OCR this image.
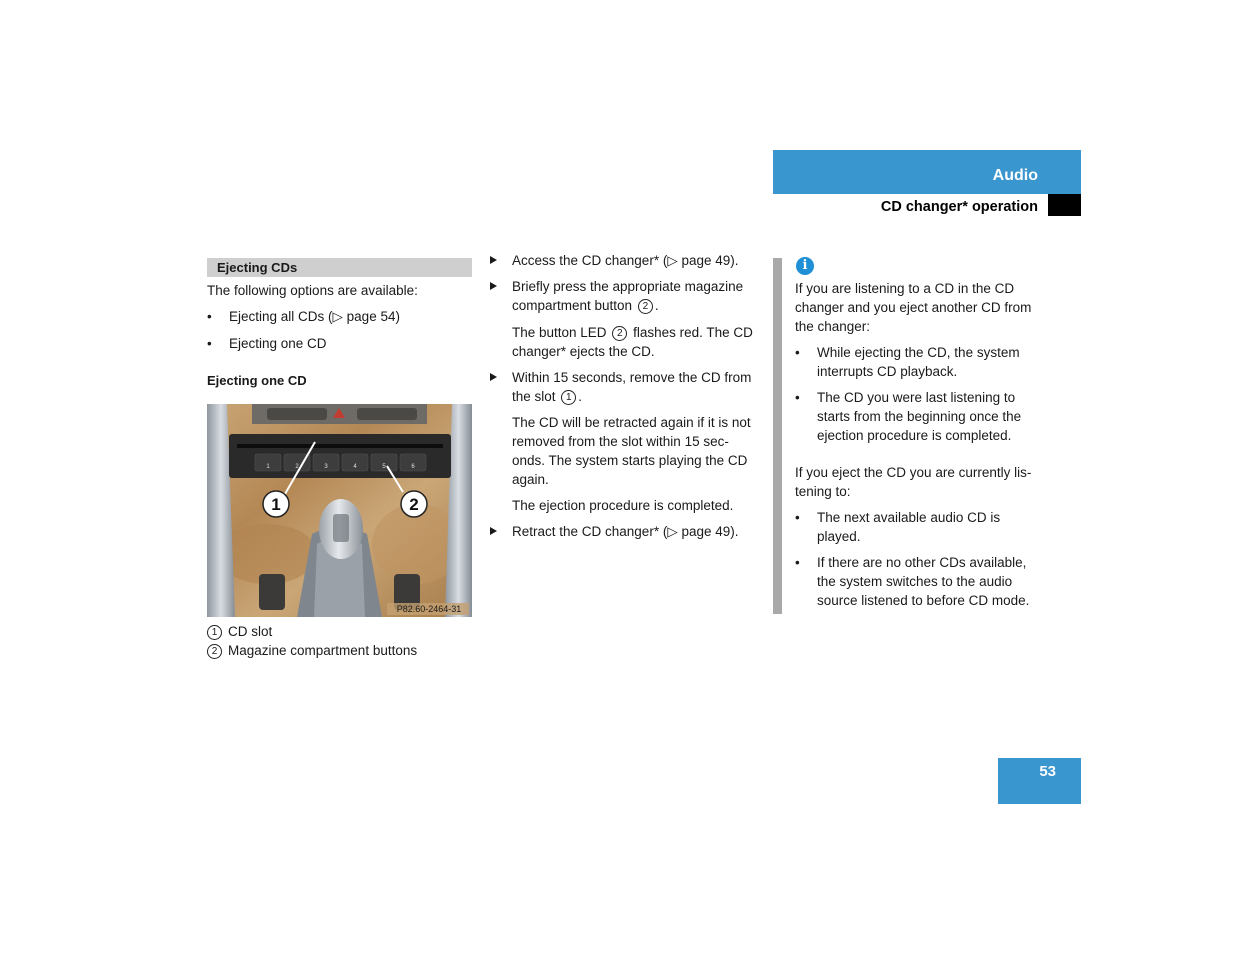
Audio
CD changer* operation
Ejecting CDs
The following options are available:
• Ejecting all CDs (▷ page 54)
• Ejecting one CD
Ejecting one CD
1	2	3	4	5	6
1	2
P82.60-2464-31
1 CD slot
2 Magazine compartment buttons
Access the CD changer* (▷ page 49).
Briefly press the appropriate magazine compartment button 2 .
The button LED 2 flashes red. The CD changer* ejects the CD.
Within 15 seconds, remove the CD from the slot 1 .
The CD will be retracted again if it is not removed from the slot within 15 sec-onds. The system starts playing the CD again.
The ejection procedure is completed.
Retract the CD changer* (▷ page 49).
i
If you are listening to a CD in the CD changer and you eject another CD from the changer:
• While ejecting the CD, the system interrupts CD playback.
• The CD you were last listening to starts from the beginning once the ejection procedure is completed.
If you eject the CD you are currently lis-tening to:
• The next available audio CD is played.
• If there are no other CDs available, the system switches to the audio source listened to before CD mode.
53
